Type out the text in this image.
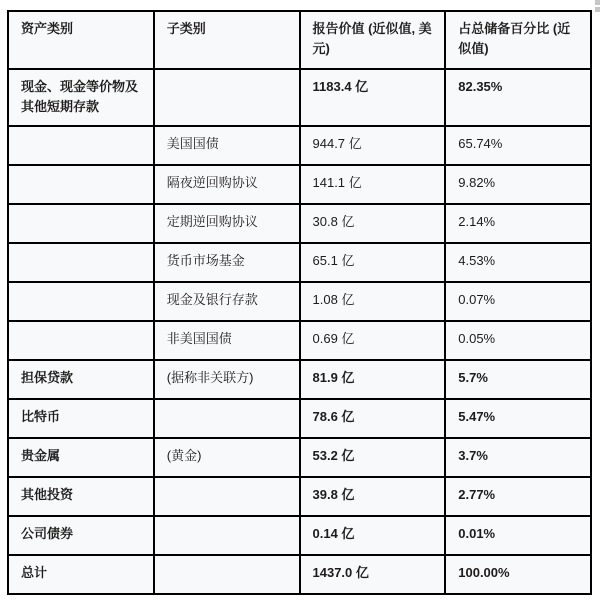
资产类别	子类别	报告价值 (近似值, 美元)	占总储备百分比 (近似值)
现金、现金等价物及其他短期存款		1183.4 亿	82.35%
	美国国债	944.7 亿	65.74%
	隔夜逆回购协议	141.1 亿	9.82%
	定期逆回购协议	30.8 亿	2.14%
	货币市场基金	65.1 亿	4.53%
	现金及银行存款	1.08 亿	0.07%
	非美国国债	0.69 亿	0.05%
担保贷款	(据称非关联方)	81.9 亿	5.7%
比特币		78.6 亿	5.47%
贵金属	(黄金)	53.2 亿	3.7%
其他投资		39.8 亿	2.77%
公司债券		0.14 亿	0.01%
总计		1437.0 亿	100.00%
